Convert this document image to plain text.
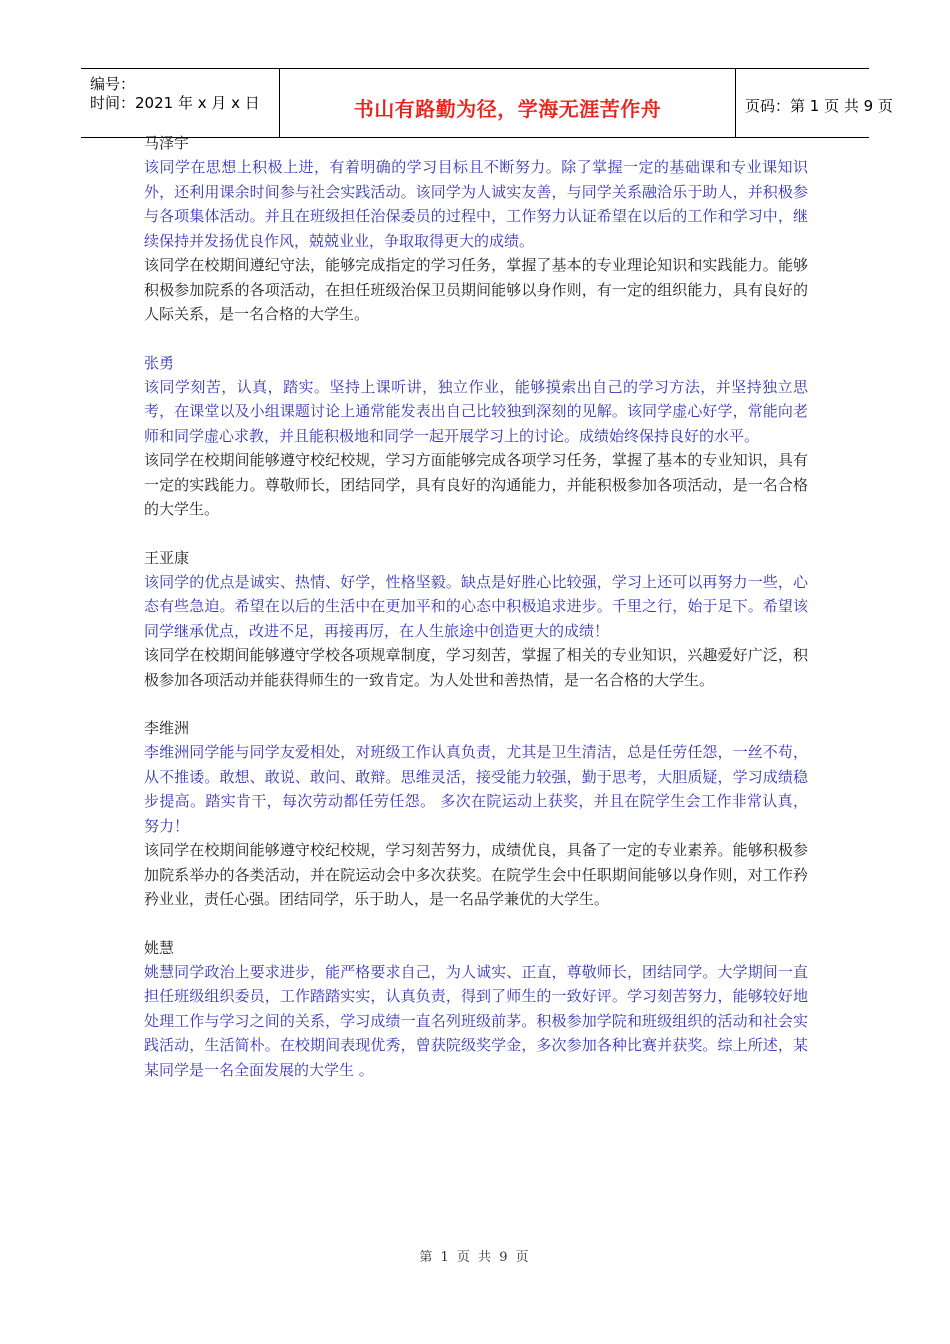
编号：
时间：2021 年 x 月 x 日	书山有路勤为径，学海无涯苦作舟	页码：第 1 页 共 9 页
马泽宇

该同学在思想上积极上进，有着明确的学习目标且不断努力。除了掌握一定的基础课和专业课知识外，还利用课余时间参与社会实践活动。该同学为人诚实友善，与同学关系融洽乐于助人，并积极参与各项集体活动。并且在班级担任治保委员的过程中，工作努力认证希望在以后的工作和学习中，继续保持并发扬优良作风，兢兢业业，争取取得更大的成绩。

该同学在校期间遵纪守法，能够完成指定的学习任务，掌握了基本的专业理论知识和实践能力。能够积极参加院系的各项活动，在担任班级治保卫员期间能够以身作则，有一定的组织能力，具有良好的人际关系，是一名合格的大学生。

张勇

该同学刻苦，认真，踏实。坚持上课听讲，独立作业，能够摸索出自己的学习方法，并坚持独立思考，在课堂以及小组课题讨论上通常能发表出自己比较独到深刻的见解。该同学虚心好学，常能向老师和同学虚心求教，并且能积极地和同学一起开展学习上的讨论。成绩始终保持良好的水平。

该同学在校期间能够遵守校纪校规，学习方面能够完成各项学习任务，掌握了基本的专业知识，具有一定的实践能力。尊敬师长，团结同学，具有良好的沟通能力，并能积极参加各项活动，是一名合格的大学生。

王亚康

该同学的优点是诚实、热情、好学，性格坚毅。缺点是好胜心比较强，学习上还可以再努力一些，心态有些急迫。希望在以后的生活中在更加平和的心态中积极追求进步。千里之行，始于足下。希望该同学继承优点，改进不足，再接再厉，在人生旅途中创造更大的成绩！

该同学在校期间能够遵守学校各项规章制度，学习刻苦，掌握了相关的专业知识，兴趣爱好广泛，积极参加各项活动并能获得师生的一致肯定。为人处世和善热情，是一名合格的大学生。

李维洲

李维洲同学能与同学友爱相处，对班级工作认真负责，尤其是卫生清洁，总是任劳任怨，一丝不苟，从不推诿。敢想、敢说、敢问、敢辩。思维灵活，接受能力较强，勤于思考，大胆质疑，学习成绩稳步提高。踏实肯干，每次劳动都任劳任怨。 多次在院运动上获奖，并且在院学生会工作非常认真，努力！

该同学在校期间能够遵守校纪校规，学习刻苦努力，成绩优良，具备了一定的专业素养。能够积极参加院系举办的各类活动，并在院运动会中多次获奖。在院学生会中任职期间能够以身作则，对工作矜矜业业，责任心强。团结同学，乐于助人，是一名品学兼优的大学生。

姚慧

姚慧同学政治上要求进步，能严格要求自己，为人诚实、正直，尊敬师长，团结同学。大学期间一直担任班级组织委员，工作踏踏实实，认真负责，得到了师生的一致好评。学习刻苦努力，能够较好地处理工作与学习之间的关系，学习成绩一直名列班级前茅。积极参加学院和班级组织的活动和社会实践活动，生活简朴。在校期间表现优秀，曾获院级奖学金，多次参加各种比赛并获奖。综上所述，某某同学是一名全面发展的大学生 。

第 1 页 共 9 页
